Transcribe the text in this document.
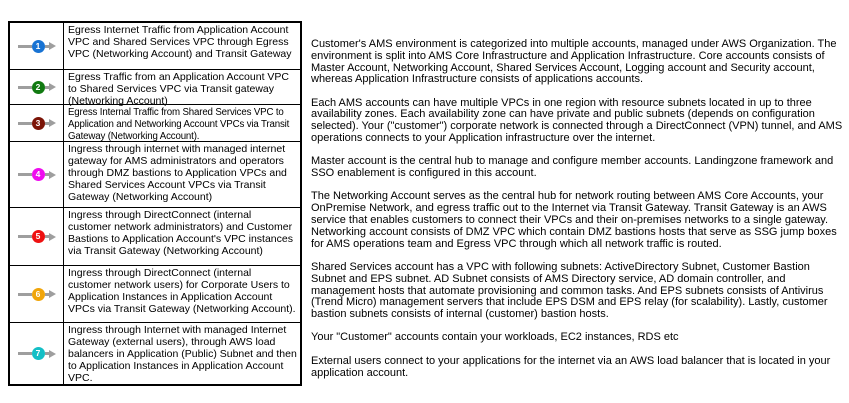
1
Egress Internet Traffic from Application Account VPC and Shared Services VPC through Egress VPC (Networking Account) and Transit Gateway
2
Egress Traffic from an Application Account VPC to Shared Services VPC via Transit gateway (Networking Account)
3
Egress Internal Traffic from Shared Services VPC to Application and Networking Account VPCs via Transit Gateway (Networking Account).
4
Ingress through internet with managed internet gateway for AMS administrators and operators through DMZ bastions to Application VPCs and Shared Services Account VPCs via Transit Gateway (Networking Account)
5
Ingress through DirectConnect (internal customer network administrators) and Customer Bastions to Application Account's VPC instances via Transit Gateway (Networking Account)
6
Ingress through DirectConnect (internal customer network users) for Corporate Users to Application Instances in Application Account VPCs via Transit Gateway (Networking Account).
7
Ingress through Internet with managed Internet Gateway (external users), through AWS load balancers in Application (Public) Subnet and then to Application Instances in Application Account VPC.

Customer's AMS environment is categorized into multiple accounts, managed under AWS Organization. The environment is split into AMS Core Infrastructure and Application Infrastructure. Core accounts consists of Master Account, Networking Account, Shared Services Account, Logging account and Security account, whereas Application Infrastructure consists of applications accounts.

Each AMS accounts can have multiple VPCs in one region with resource subnets located in up to three availability zones. Each availability zone can have private and public subnets (depends on configuration selected). Your ("customer") corporate network is connected through a DirectConnect (VPN) tunnel, and AMS operations connects to your Application infrastructure over the internet.

Master account is the central hub to manage and configure member accounts. Landingzone framework and SSO enablement is configured in this account.

The Networking Account serves as the central hub for network routing between AMS Core Accounts, your OnPremise Network, and egress traffic out to the Internet via Transit Gateway. Transit Gateway is an AWS service that enables customers to connect their VPCs and their on-premises networks to a single gateway. Networking account consists of DMZ VPC which contain DMZ bastions hosts that serve as SSG jump boxes for AMS operations team and Egress VPC through which all network traffic is routed.

Shared Services account has a VPC with following subnets: ActiveDirectory Subnet, Customer Bastion Subnet and EPS subnet. AD Subnet consists of AMS Directory service, AD domain controller, and management hosts that automate provisioning and common tasks. And EPS subnets consists of Antivirus (Trend Micro) management servers that include EPS DSM and EPS relay (for scalability). Lastly, customer bastion subnets consists of internal (customer) bastion hosts.

Your "Customer" accounts contain your workloads, EC2 instances, RDS etc

External users connect to your applications for the internet via an AWS load balancer that is located in your application account.
